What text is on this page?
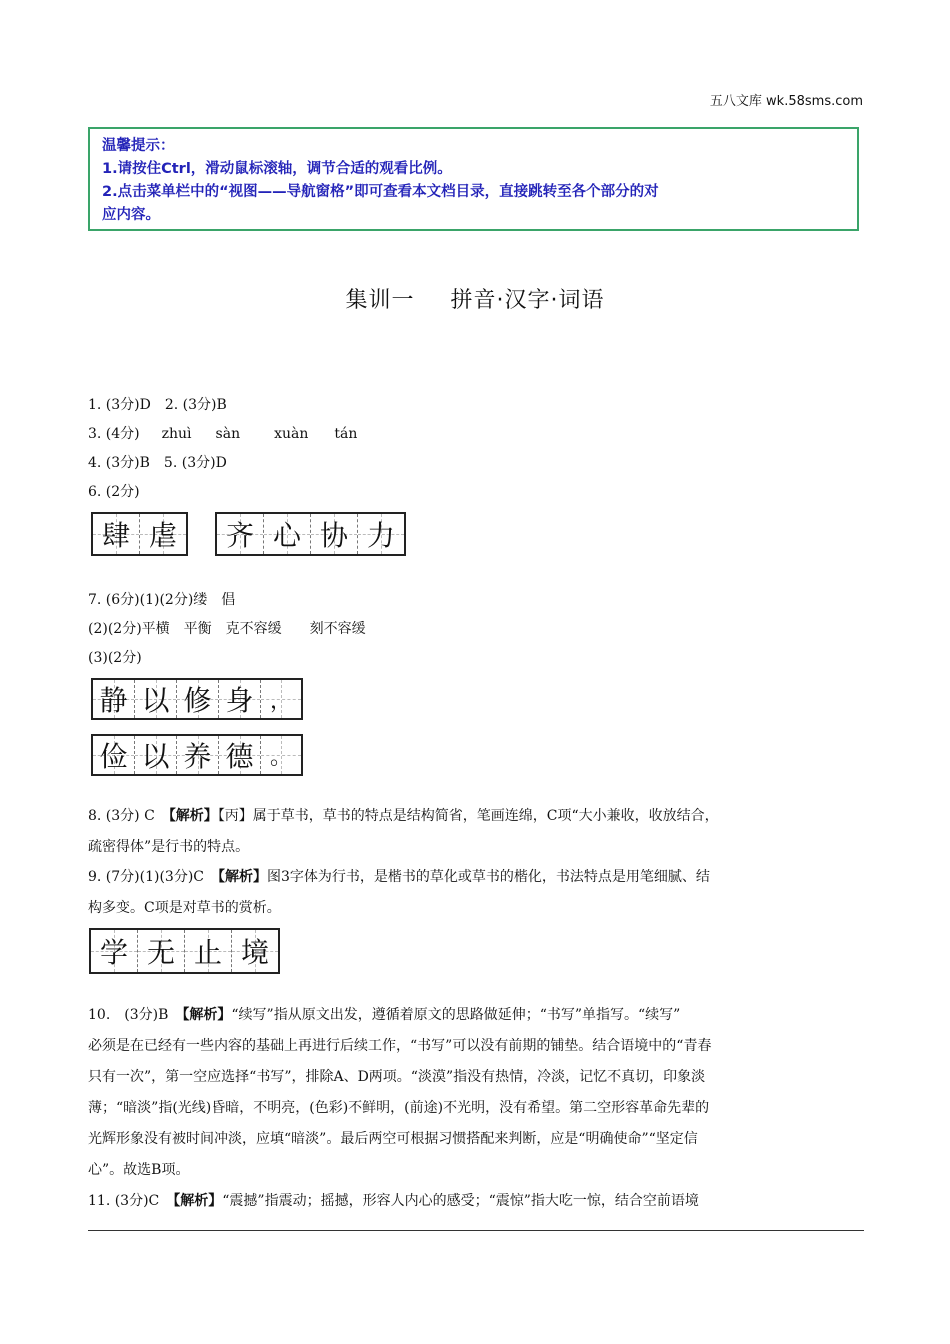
五八文库 wk.58sms.com
温馨提示：
1.请按住Ctrl，滑动鼠标滚轴，调节合适的观看比例。
2.点击菜单栏中的“视图——导航窗格”即可查看本文档目录，直接跳转至各个部分的对
应内容。
集训一 拼音·汉字·词语
1. (3分)D　2. (3分)B
3. (4分) zhuì sàn xuàn tán
4. (3分)B　5. (3分)D
6. (2分)
肆 虐 齐 心 协 力
7. (6分)(1)(2分)缕　倡
(2)(2分)平横　平衡　克不容缓　　刻不容缓
(3)(2分)
静 以 修 身 ，
俭 以 养 德 。
8. (3分) C　【解析】【丙】属于草书，草书的特点是结构简省，笔画连绵，C项“大小兼收，收放结合，
疏密得体”是行书的特点。
9. (7分)(1)(3分)C　【解析】图3字体为行书，是楷书的草化或草书的楷化，书法特点是用笔细腻、结
构多变。C项是对草书的赏析。
学 无 止 境
10.　(3分)B　【解析】“续写”指从原文出发，遵循着原文的思路做延伸；“书写”单指写。“续写”
必须是在已经有一些内容的基础上再进行后续工作，“书写”可以没有前期的铺垫。结合语境中的“青春
只有一次”，第一空应选择“书写”，排除A、D两项。“淡漠”指没有热情，冷淡，记忆不真切，印象淡
薄；“暗淡”指(光线)昏暗，不明亮，(色彩)不鲜明，(前途)不光明，没有希望。第二空形容革命先辈的
光辉形象没有被时间冲淡，应填“暗淡”。最后两空可根据习惯搭配来判断，应是“明确使命”“坚定信
心”。故选B项。
11. (3分)C　【解析】“震撼”指震动；摇撼，形容人内心的感受；“震惊”指大吃一惊，结合空前语境
